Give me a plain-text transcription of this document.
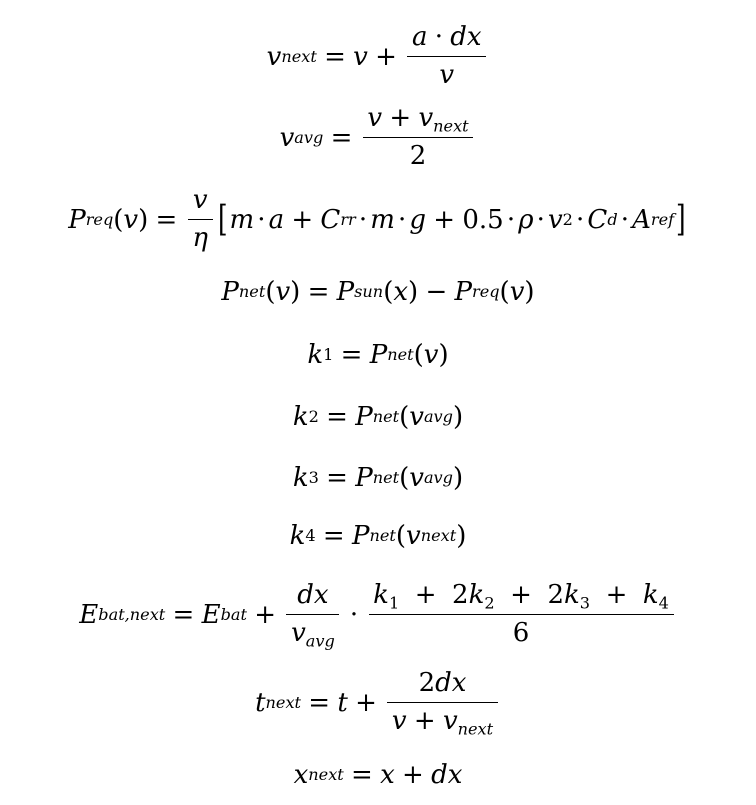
v next = $v + \frac{a \cdot dx}{v}$
v avg = $\frac{v + v_{next}}{2}$
P req ( v ) = $\frac{v}{\eta}$ [ m · a + C rr · m · g + 0.5 · ρ · v 2 · C d · A ref ]
P net ( v ) = P sun ( x ) − P req ( v )
k 1 = P net ( v )
k 2 = P net ( v avg )
k 3 = P net ( v avg )
k 4 = P net ( v next )
E bat,next = E bat + $\frac{dx}{v_{avg}}$ ·
$k_1 + 2k_2 + 2k_3 + k_4$
6
t next = $t + \frac{2dx}{v + v_{next}}$
x next = x + dx
